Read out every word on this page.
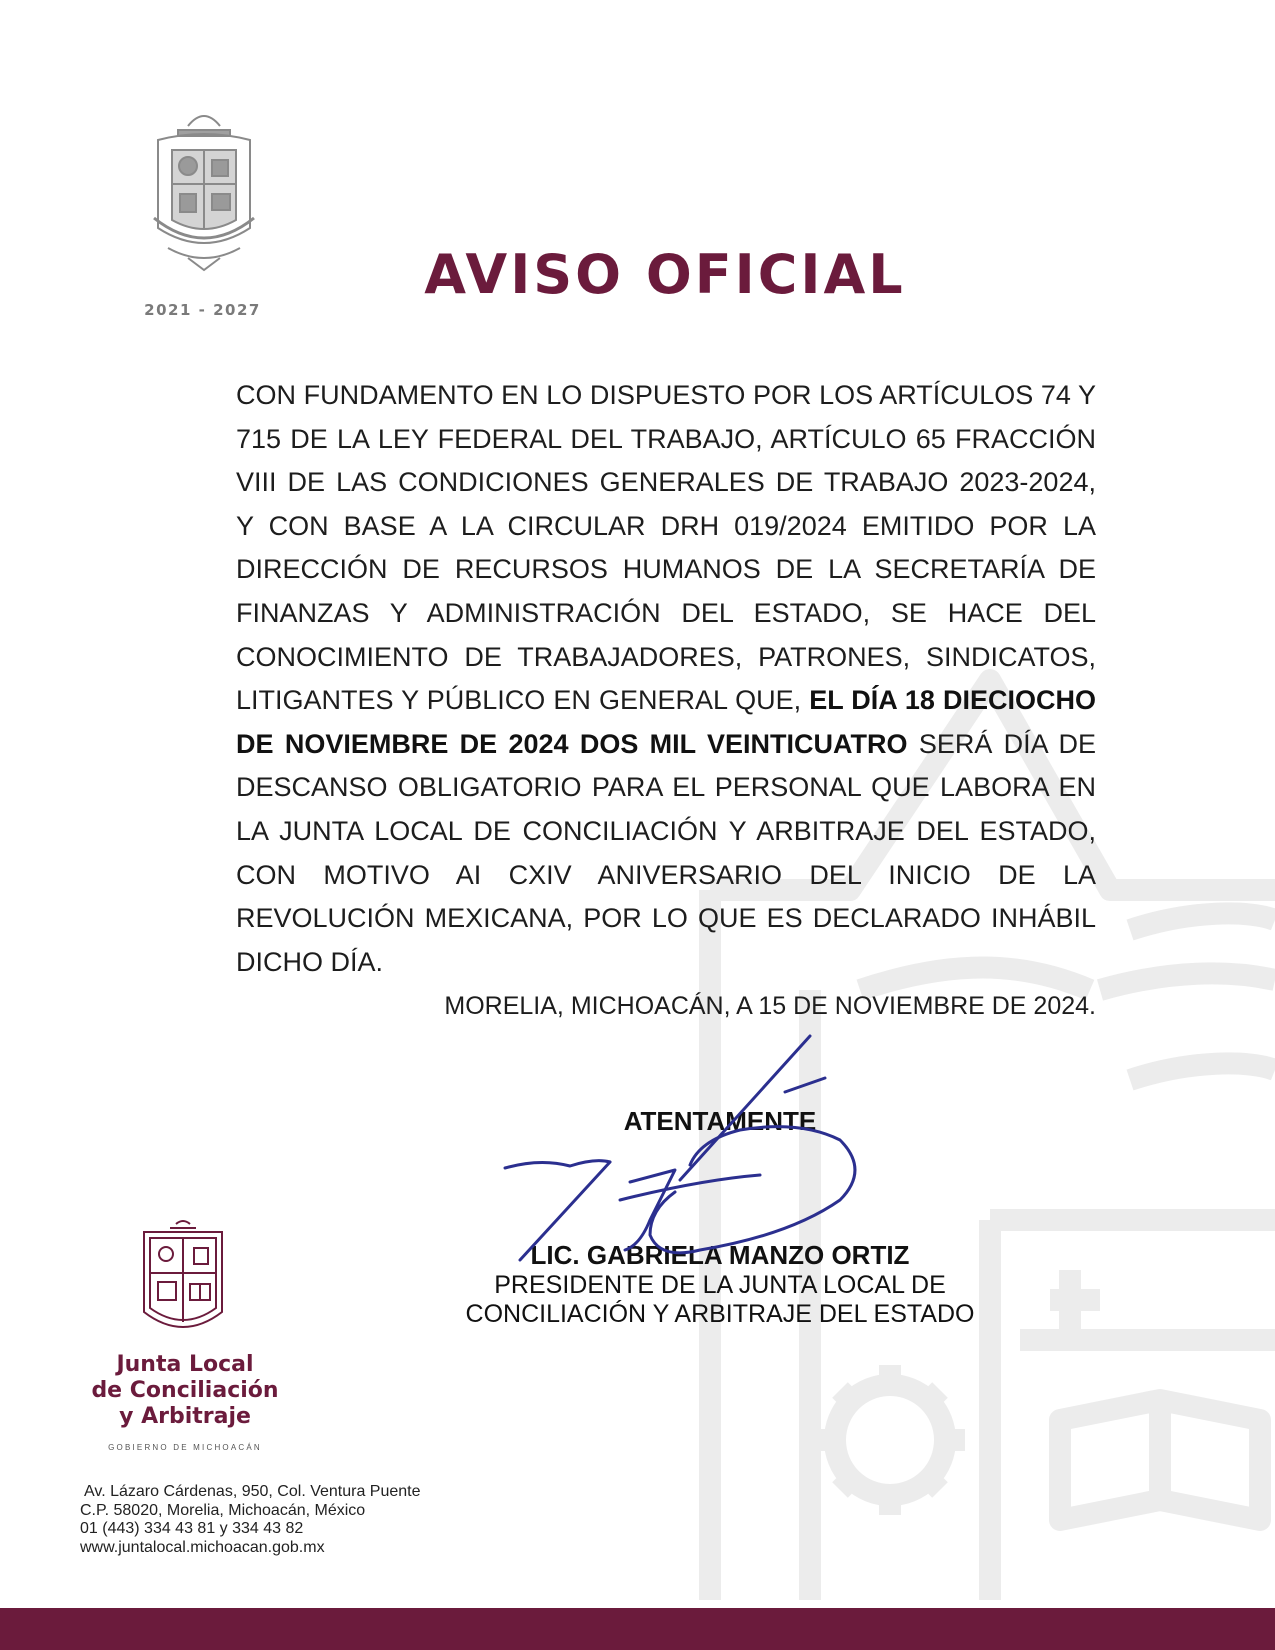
2021 - 2027
AVISO OFICIAL
CON FUNDAMENTO EN LO DISPUESTO POR LOS ARTÍCULOS 74 Y 715 DE LA LEY FEDERAL DEL TRABAJO, ARTÍCULO 65 FRACCIÓN VIII DE LAS CONDICIONES GENERALES DE TRABAJO 2023-2024, Y CON BASE A LA CIRCULAR DRH 019/2024 EMITIDO POR LA DIRECCIÓN DE RECURSOS HUMANOS DE LA SECRETARÍA DE FINANZAS Y ADMINISTRACIÓN DEL ESTADO, SE HACE DEL CONOCIMIENTO DE TRABAJADORES, PATRONES, SINDICATOS, LITIGANTES Y PÚBLICO EN GENERAL QUE, EL DÍA 18 DIECIOCHO DE NOVIEMBRE DE 2024 DOS MIL VEINTICUATRO SERÁ DÍA DE DESCANSO OBLIGATORIO PARA EL PERSONAL QUE LABORA EN LA JUNTA LOCAL DE CONCILIACIÓN Y ARBITRAJE DEL ESTADO, CON MOTIVO AI CXIV ANIVERSARIO DEL INICIO DE LA REVOLUCIÓN MEXICANA, POR LO QUE ES DECLARADO INHÁBIL DICHO DÍA.
MORELIA, MICHOACÁN, A 15 DE NOVIEMBRE DE 2024.
ATENTAMENTE
LIC. GABRIELA MANZO ORTIZ
PRESIDENTE DE LA JUNTA LOCAL DE
CONCILIACIÓN Y ARBITRAJE DEL ESTADO
Junta Local
de Conciliación
y Arbitraje
GOBIERNO DE MICHOACÁN
Av. Lázaro Cárdenas, 950, Col. Ventura Puente
C.P. 58020, Morelia, Michoacán, México
01 (443) 334 43 81 y 334 43 82
www.juntalocal.michoacan.gob.mx
